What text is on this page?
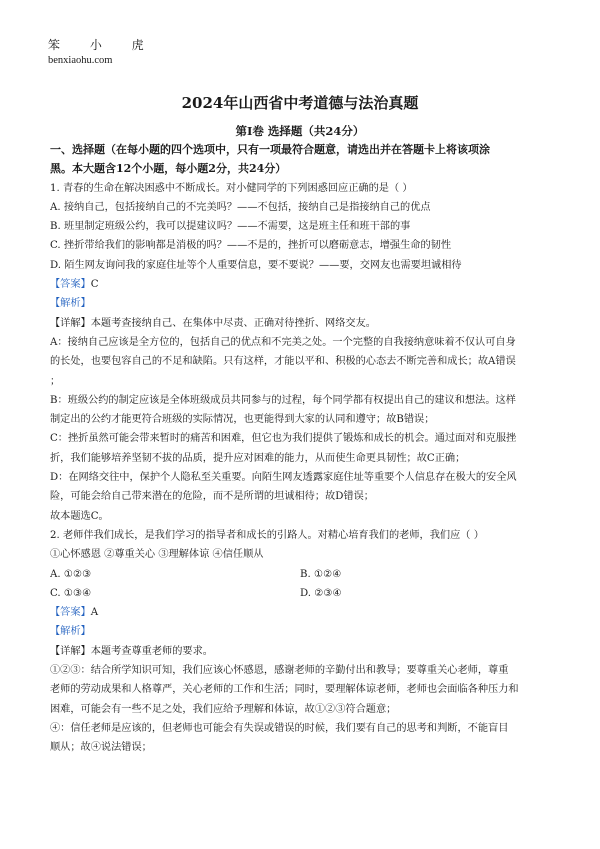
笨 小 虎
benxiaohu.com
2024年山西省中考道德与法治真题
第Ⅰ卷 选择题（共24分）
一、选择题（在每小题的四个选项中，只有一项最符合题意，请选出并在答题卡上将该项涂
黑。本大题含12个小题，每小题2分，共24分）
1. 青春的生命在解决困惑中不断成长。对小健同学的下列困惑回应正确的是（ ）
A. 接纳自己，包括接纳自己的不完美吗？——不包括，接纳自己是指接纳自己的优点
B. 班里制定班级公约，我可以提建议吗？——不需要，这是班主任和班干部的事
C. 挫折带给我们的影响都是消极的吗？——不是的，挫折可以磨砺意志，增强生命的韧性
D. 陌生网友询问我的家庭住址等个人重要信息，要不要说？——要，交网友也需要坦诚相待
【答案】C
【解析】
【详解】本题考查接纳自己、在集体中尽责、正确对待挫折、网络交友。
A：接纳自己应该是全方位的，包括自己的优点和不完美之处。一个完整的自我接纳意味着不仅认可自身
的长处，也要包容自己的不足和缺陷。只有这样，才能以平和、积极的心态去不断完善和成长；故A错误
；
B：班级公约的制定应该是全体班级成员共同参与的过程，每个同学都有权提出自己的建议和想法。这样
制定出的公约才能更符合班级的实际情况，也更能得到大家的认同和遵守；故B错误；
C：挫折虽然可能会带来暂时的痛苦和困难，但它也为我们提供了锻炼和成长的机会。通过面对和克服挫
折，我们能够培养坚韧不拔的品质，提升应对困难的能力，从而使生命更具韧性；故C正确；
D：在网络交往中，保护个人隐私至关重要。向陌生网友透露家庭住址等重要个人信息存在极大的安全风
险，可能会给自己带来潜在的危险，而不是所谓的坦诚相待；故D错误；
故本题选C。
2. 老师伴我们成长，是我们学习的指导者和成长的引路人。对精心培育我们的老师，我们应（ ）
①心怀感恩 ②尊重关心 ③理解体谅 ④信任顺从
A. ①②③	B. ①②④
C. ①③④	D. ②③④
【答案】A
【解析】
【详解】本题考查尊重老师的要求。
①②③：结合所学知识可知，我们应该心怀感恩，感谢老师的辛勤付出和教导；要尊重关心老师，尊重
老师的劳动成果和人格尊严，关心老师的工作和生活；同时，要理解体谅老师，老师也会面临各种压力和
困难，可能会有一些不足之处，我们应给予理解和体谅，故①②③符合题意；
④：信任老师是应该的，但老师也可能会有失误或错误的时候，我们要有自己的思考和判断，不能盲目
顺从；故④说法错误；
